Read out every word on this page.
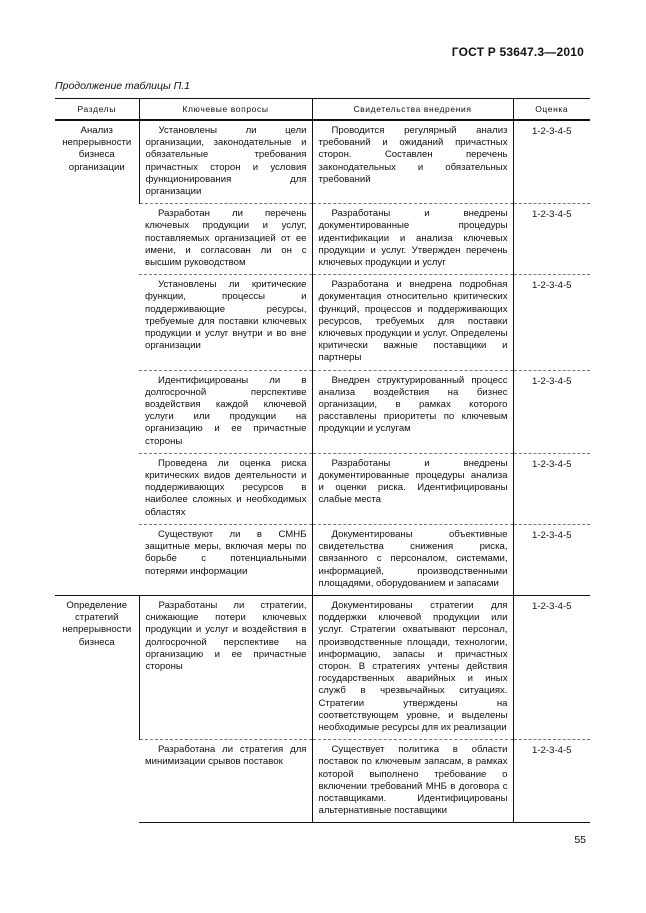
ГОСТ Р 53647.3—2010
Продолжение таблицы П.1
Разделы	Ключевые вопросы	Свидетельства внедрения	Оценка
Анализ непрерывности бизнеса организации	Установлены ли цели организации, законодательные и обязательные требования причастных сторон и условия функционирования для организации	Проводится регулярный анализ требований и ожиданий причастных сторон. Составлен перечень законодательных и обязательных требований	1-2-3-4-5
	Разработан ли перечень ключевых продукции и услуг, поставляемых организацией от ее имени, и согласован ли он с высшим руководством	Разработаны и внедрены документированные процедуры идентификации и анализа ключевых продукции и услуг. Утвержден перечень ключевых продукции и услуг	1-2-3-4-5
	Установлены ли критические функции, процессы и поддерживающие ресурсы, требуемые для поставки ключевых продукции и услуг внутри и во вне организации	Разработана и внедрена подробная документация относительно критических функций, процессов и поддерживающих ресурсов, требуемых для поставки ключевых продукции и услуг. Определены критически важные поставщики и партнеры	1-2-3-4-5
	Идентифицированы ли в долгосрочной перспективе воздействия каждой ключевой услуги или продукции на организацию и ее причастные стороны	Внедрен структурированный процесс анализа воздействия на бизнес организации, в рамках которого расставлены приоритеты по ключевым продукции и услугам	1-2-3-4-5
	Проведена ли оценка риска критических видов деятельности и поддерживающих ресурсов в наиболее сложных и необходимых областях	Разработаны и внедрены документированные процедуры анализа и оценки риска. Идентифицированы слабые места	1-2-3-4-5
	Существуют ли в СМНБ защитные меры, включая меры по борьбе с потенциальными потерями информации	Документированы объективные свидетельства снижения риска, связанного с персоналом, системами, информацией, производственными площадями, оборудованием и запасами	1-2-3-4-5
Определение стратегий непрерывности бизнеса	Разработаны ли стратегии, снижающие потери ключевых продукции и услуг и воздействия в долгосрочной перспективе на организацию и ее причастные стороны	Документированы стратегии для поддержки ключевой продукции или услуг. Стратегии охватывают персонал, производственные площади, технологии, информацию, запасы и причастных сторон. В стратегиях учтены действия государственных аварийных и иных служб в чрезвычайных ситуациях. Стратегии утверждены на соответствующем уровне, и выделены необходимые ресурсы для их реализации	1-2-3-4-5
	Разработана ли стратегия для минимизации срывов поставок	Существует политика в области поставок по ключевым запасам, в рамках которой выполнено требование о включении требований МНБ в договора с поставщиками. Идентифицированы альтернативные поставщики	1-2-3-4-5
55
